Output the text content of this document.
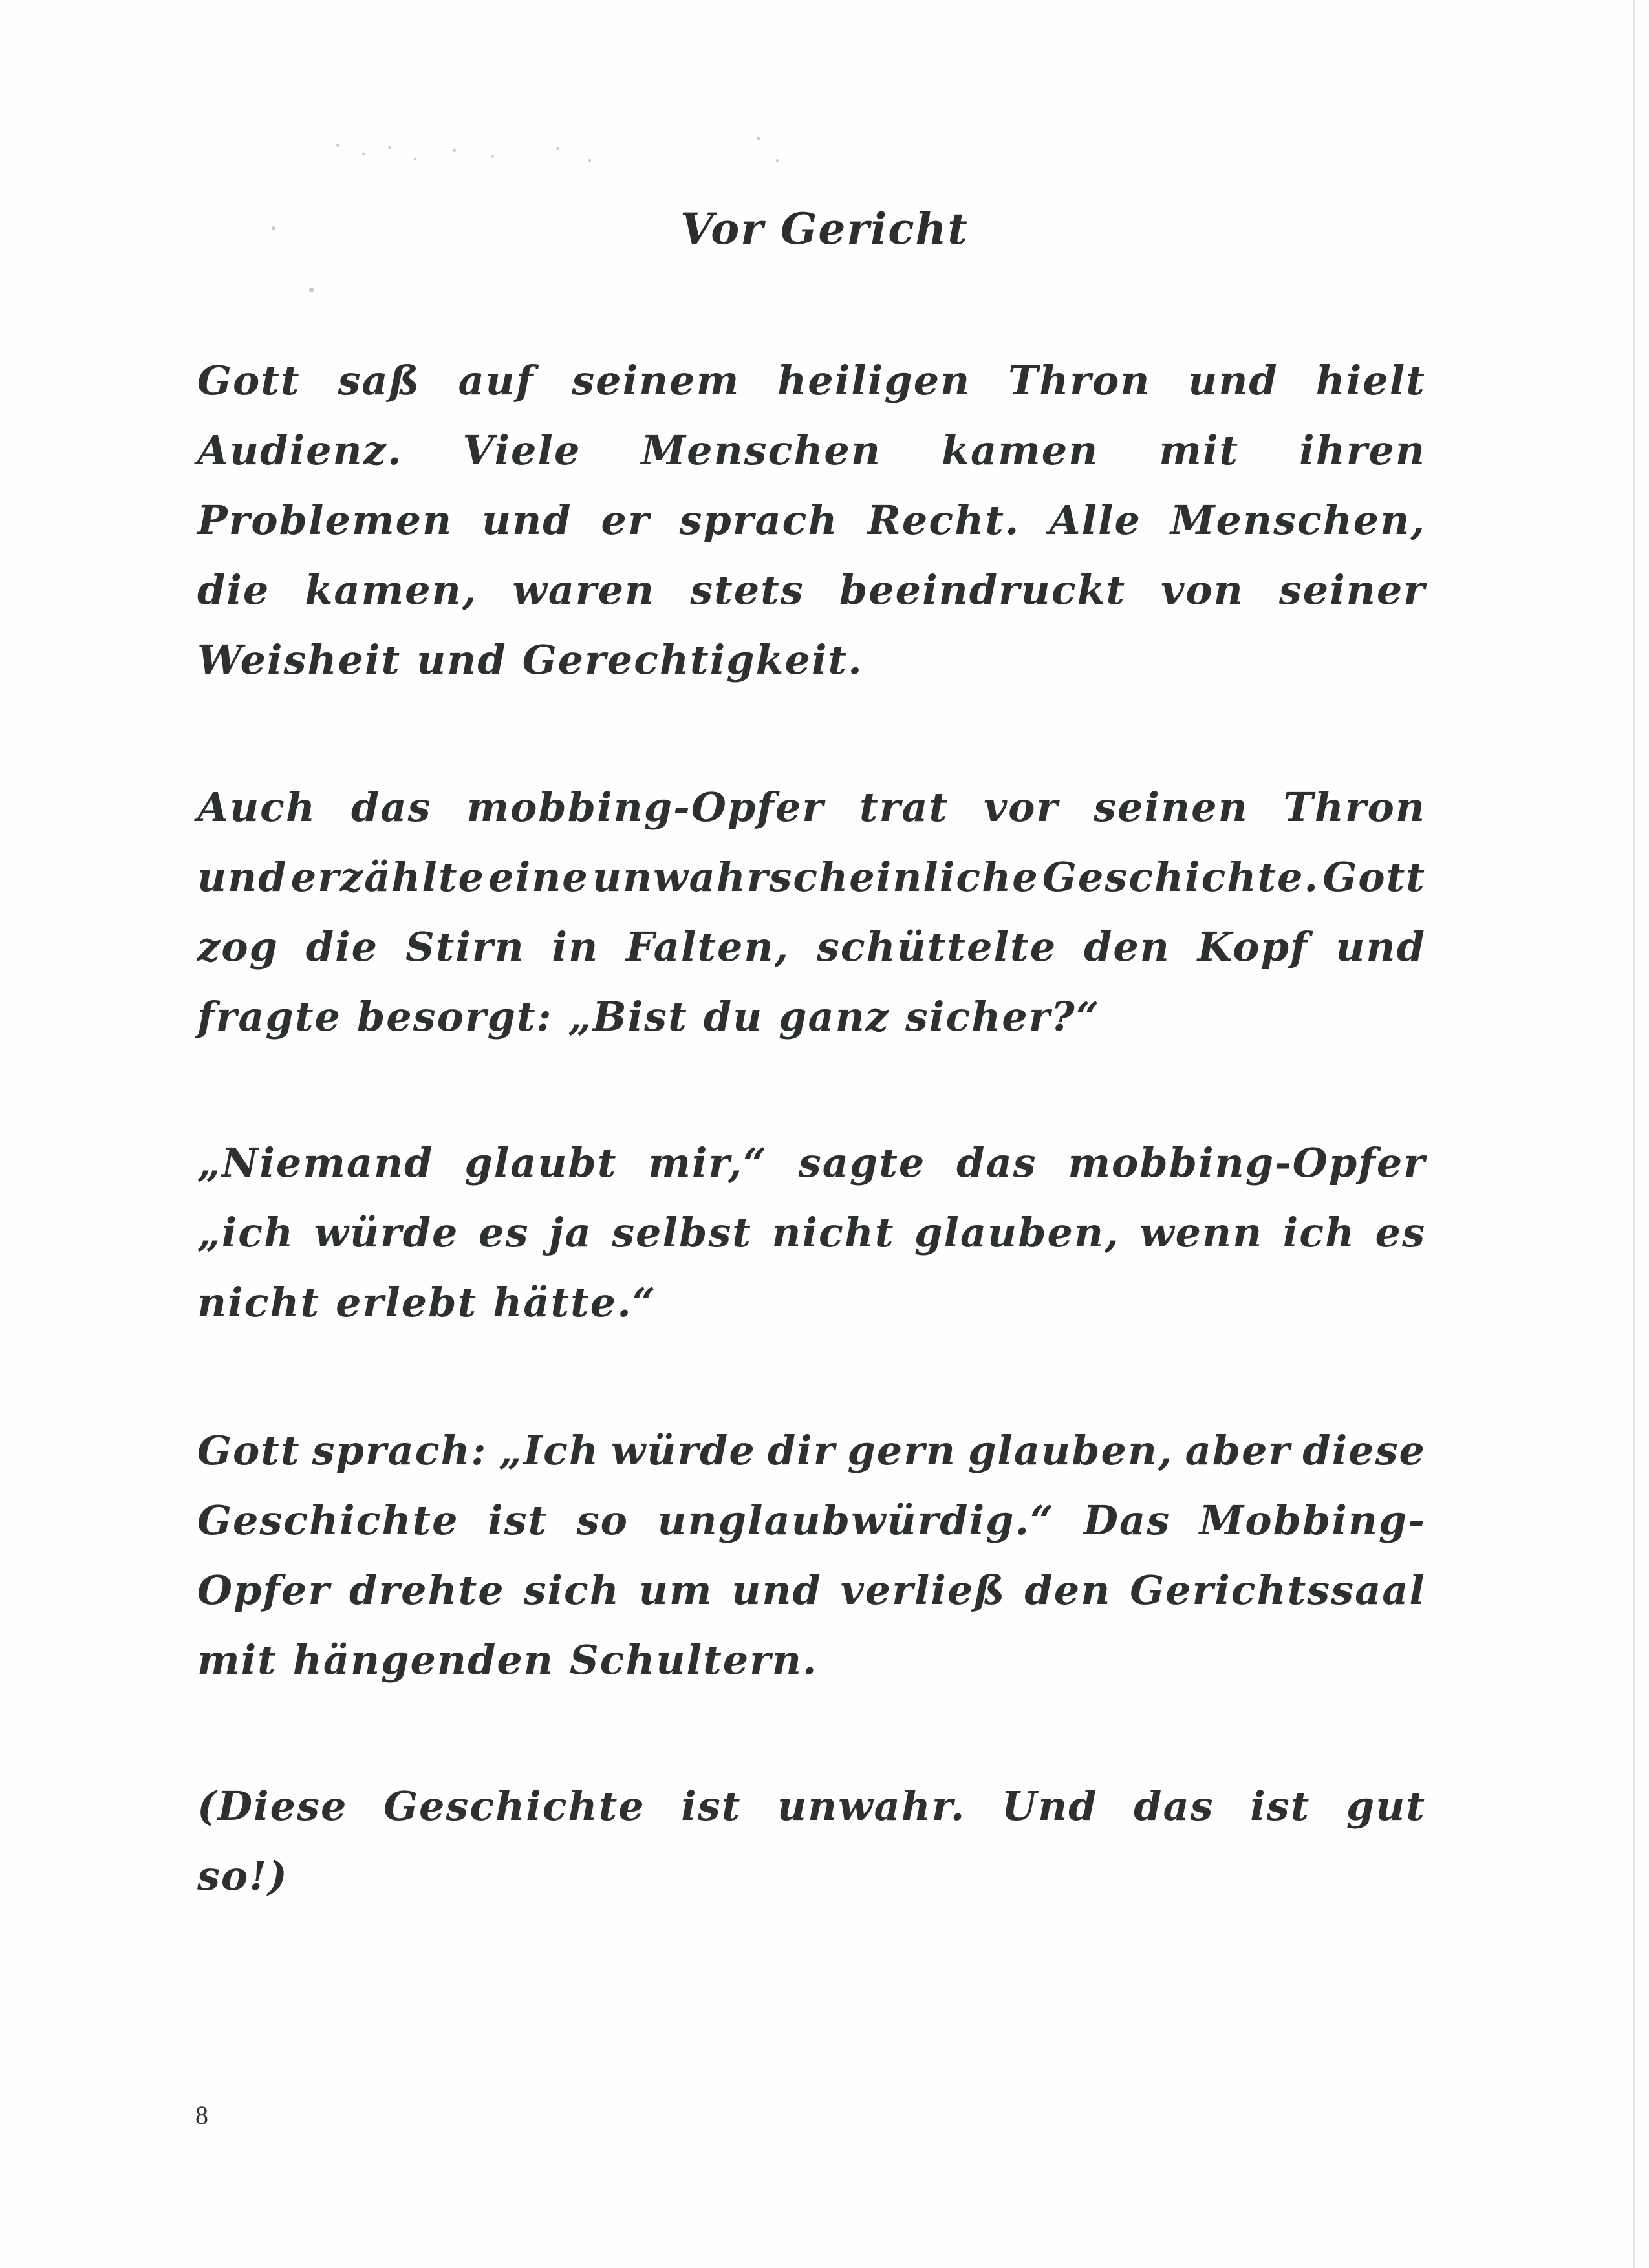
Vor Gericht
Gott saß auf seinem heiligen Thron und hielt
Audienz. Viele Menschen kamen mit ihren
Problemen und er sprach Recht. Alle Menschen,
die kamen, waren stets beeindruckt von seiner
Weisheit und Gerechtigkeit.
Auch das mobbing-Opfer trat vor seinen Thron
und erzählte eine unwahrscheinliche Geschichte. Gott
zog die Stirn in Falten, schüttelte den Kopf und
fragte besorgt: „Bist du ganz sicher?“
„Niemand glaubt mir,“ sagte das mobbing-Opfer
„ich würde es ja selbst nicht glauben, wenn ich es
nicht erlebt hätte.“
Gott sprach: „Ich würde dir gern glauben, aber diese
Geschichte ist so unglaubwürdig.“ Das Mobbing-
Opfer drehte sich um und verließ den Gerichtssaal
mit hängenden Schultern.
(Diese Geschichte ist unwahr. Und das ist gut
so!)
8
